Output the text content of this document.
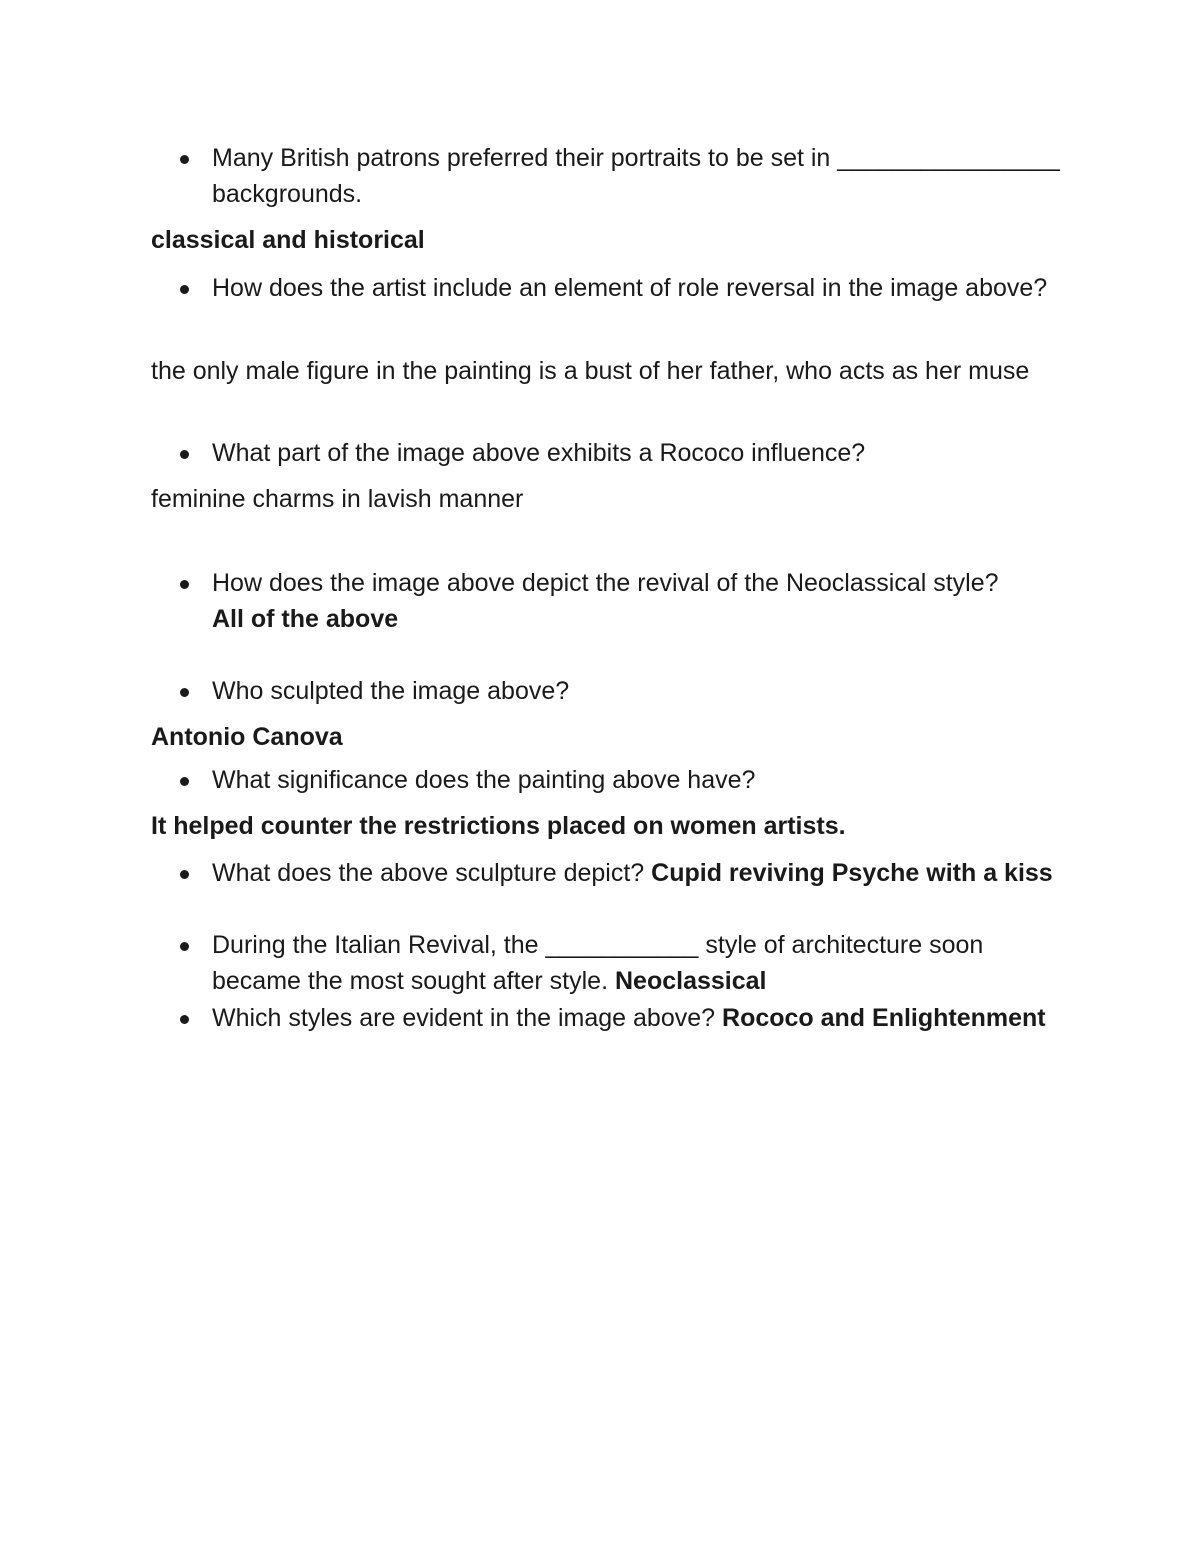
Many British patrons preferred their portraits to be set in ________________ backgrounds.
classical and historical
How does the artist include an element of role reversal in the image above?
the only male figure in the painting is a bust of her father, who acts as her muse
What part of the image above exhibits a Rococo influence?
feminine charms in lavish manner
How does the image above depict the revival of the Neoclassical style?
All of the above
Who sculpted the image above?
Antonio Canova
What significance does the painting above have?
It helped counter the restrictions placed on women artists.
What does the above sculpture depict? Cupid reviving Psyche with a kiss
During the Italian Revival, the ___________ style of architecture soon became the most sought after style. Neoclassical
Which styles are evident in the image above? Rococo and Enlightenment
